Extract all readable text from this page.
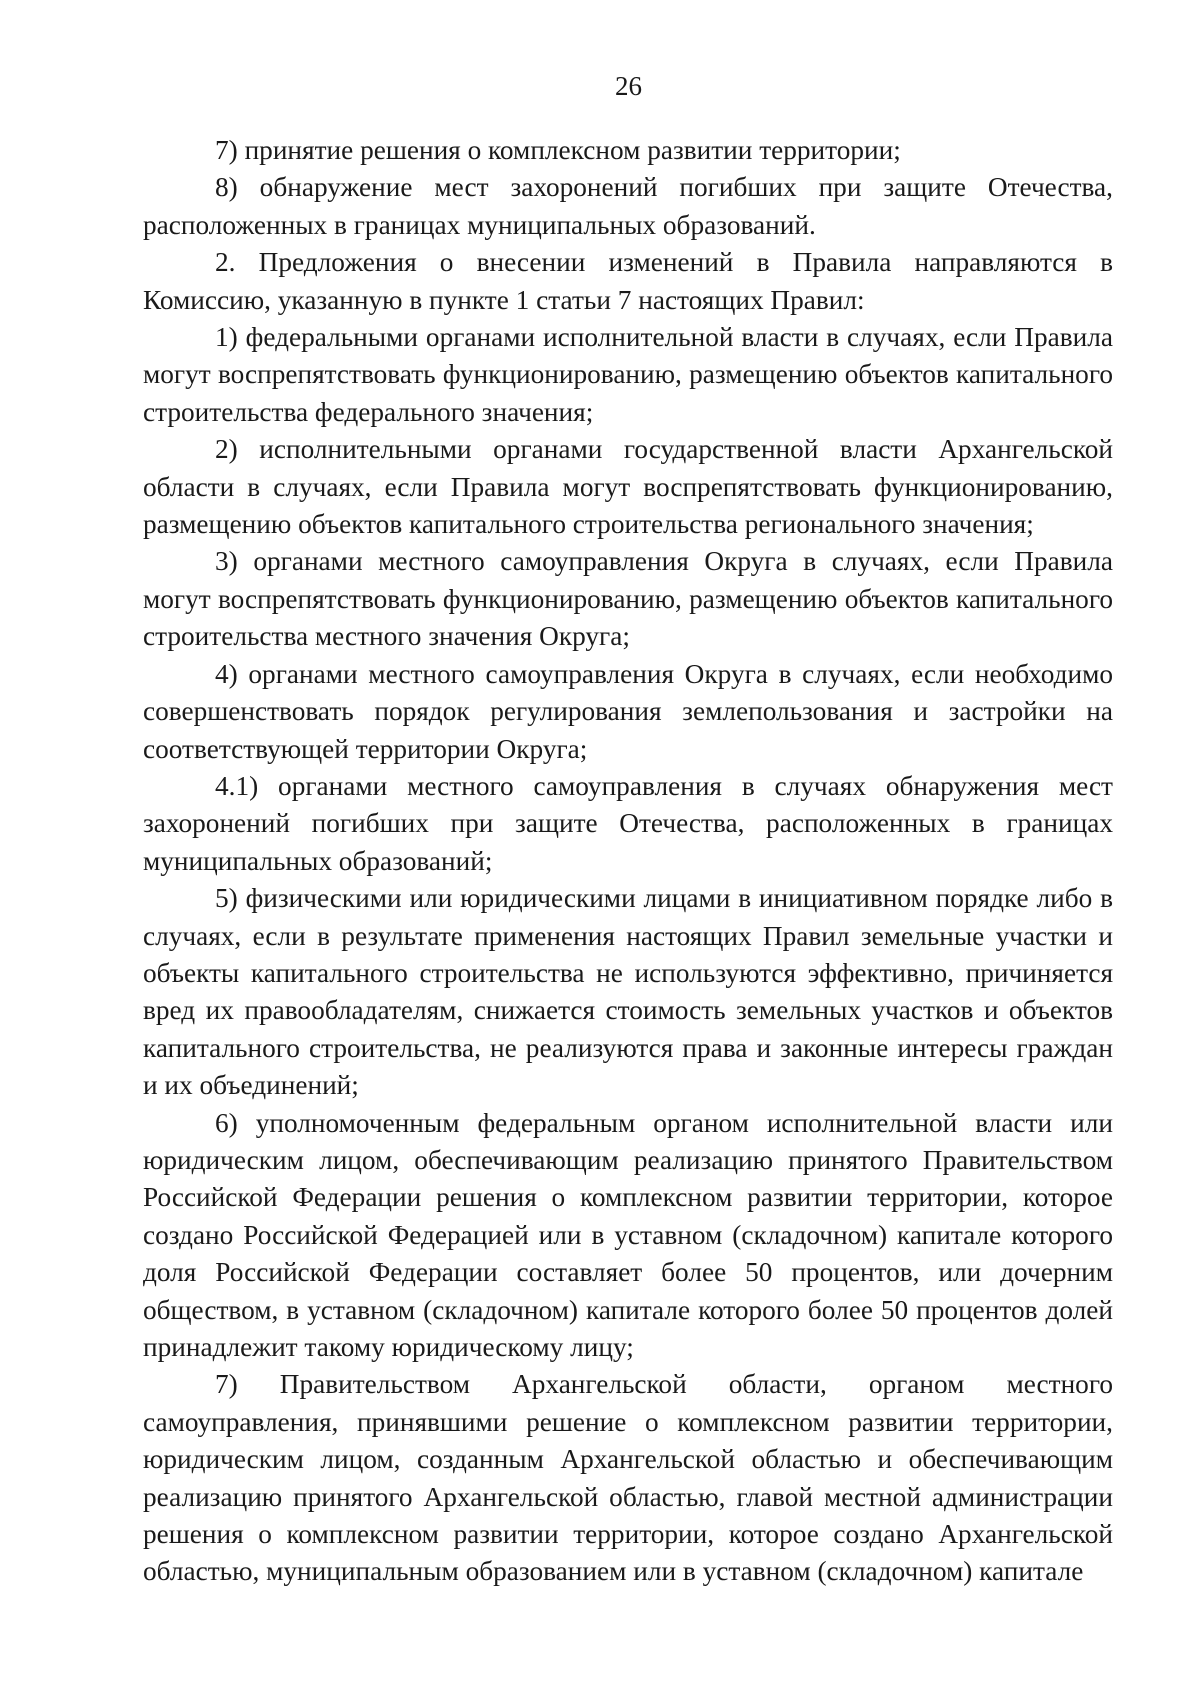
26

7) принятие решения о комплексном развитии территории;

8) обнаружение мест захоронений погибших при защите Отечества, расположенных в границах муниципальных образований.

2. Предложения о внесении изменений в Правила направляются в Комиссию, указанную в пункте 1 статьи 7 настоящих Правил:

1) федеральными органами исполнительной власти в случаях, если Правила могут воспрепятствовать функционированию, размещению объектов капитального строительства федерального значения;

2) исполнительными органами государственной власти Архангельской области в случаях, если Правила могут воспрепятствовать функционированию, размещению объектов капитального строительства регионального значения;

3) органами местного самоуправления Округа в случаях, если Правила могут воспрепятствовать функционированию, размещению объектов капитального строительства местного значения Округа;

4) органами местного самоуправления Округа в случаях, если необходимо совершенствовать порядок регулирования землепользования и застройки на соответствующей территории Округа;

4.1) органами местного самоуправления в случаях обнаружения мест захоронений погибших при защите Отечества, расположенных в границах муниципальных образований;

5) физическими или юридическими лицами в инициативном порядке либо в случаях, если в результате применения настоящих Правил земельные участки и объекты капитального строительства не используются эффективно, причиняется вред их правообладателям, снижается стоимость земельных участков и объектов капитального строительства, не реализуются права и законные интересы граждан и их объединений;

6) уполномоченным федеральным органом исполнительной власти или юридическим лицом, обеспечивающим реализацию принятого Правительством Российской Федерации решения о комплексном развитии территории, которое создано Российской Федерацией или в уставном (складочном) капитале которого доля Российской Федерации составляет более 50 процентов, или дочерним обществом, в уставном (складочном) капитале которого более 50 процентов долей принадлежит такому юридическому лицу;

7) Правительством Архангельской области, органом местного самоуправления, принявшими решение о комплексном развитии территории, юридическим лицом, созданным Архангельской областью и обеспечивающим реализацию принятого Архангельской областью, главой местной администрации решения о комплексном развитии территории, которое создано Архангельской областью, муниципальным образованием или в уставном (складочном) капитале
